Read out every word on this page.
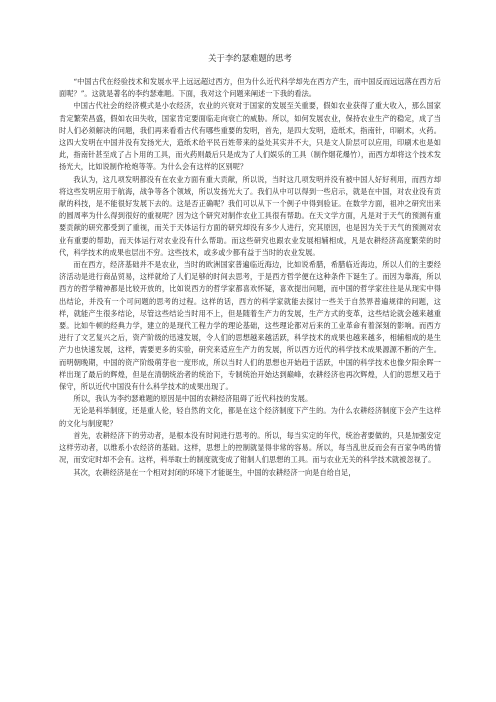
关于李约瑟难题的思考

“中国古代在经验技术和发展水平上远远超过西方，但为什么近代科学却先在西方产生，而中国反而远远落在西方后面呢？”。这就是著名的李约瑟难题。下面，我对这个问题来阐述一下我的看法。

中国古代社会的经济模式是小农经济，农业的兴衰对于国家的发展至关重要，假如农业获得了重大收入，那么国家肯定繁荣昌盛，假如农田失收，国家肯定要面临走向衰亡的威胁。所以，如何发展农业，保持农业生产的稳定，成了当时人们必须解决的问题，我们再来看看古代有哪些重要的发明，首先，是四大发明，造纸术，指南针，印刷术，火药。这四大发明在中国并没有发扬光大，造纸术给平民百姓带来的益处其实并不大，只是文人阶层可以应用，印刷术也是如此，指南针甚至成了占卜用的工具，而火药则最后只是成为了人们娱乐的工具（制作烟花爆竹），而西方却将这个技术发扬光大，比如说制作枪炮等等。为什么会有这样的区别呢？

我认为，这几项发明都没有在农业方面有重大贡献，所以说，当时这几项发明并没有被中国人好好利用，而西方却将这些发明应用于航海，战争等各个领域，所以发扬光大了。我们从中可以得到一些启示，就是在中国，对农业没有贡献的科技，是不能很好发展下去的。这是否正确呢？我们可以从下一个例子中得到验证。在数学方面，祖冲之研究出来的圆周率为什么得到很好的重视呢？因为这个研究对制作农业工具很有帮助。在天文学方面，凡是对于天气的预测有重要贡献的研究都受到了重视，而关于天体运行方面的研究却没有多少人进行，究其原因，也是因为关于天气的预测对农业有重要的帮助，而天体运行对农业没有什么帮助。而这些研究也跟农业发展相辅相成，凡是农耕经济高度繁荣的时代，科学技术的成果也层出不穷。这些技术，或多或少都有益于当时的农业发展。

而在西方，经济基础并不是农业，当时的欧洲国家普遍临近海边，比如说希腊，希腊临近海边，所以人们的主要经济活动是进行商品贸易，这样就给了人们足够的时间去思考，于是西方哲学便在这种条件下诞生了。而因为靠海，所以西方的哲学精神都是比较开放的，比如说西方的哲学家都喜欢怀疑，喜欢提出问题，而中国的哲学家往往是从现实中得出结论，并没有一个可问题的思考的过程。这样的话，西方的科学家就能去探讨一些关于自然界普遍规律的问题，这样，就能产生很多结论，尽管这些结论当时用不上，但是随着生产力的发展，生产方式的变革，这些结论就会越来越重要。比如牛顿的经典力学，建立的是现代工程力学的理论基础，这些理论都对后来的工业革命有着深刻的影响。而西方进行了文艺复兴之后，资产阶级的迅速发展，令人们的思想越来越活跃，科学技术的成果也越来越多，相辅相成的是生产力也快速发展，这样，需要更多的实验，研究来适应生产力的发展，所以西方近代的科学技术成果源源不断的产生。而明朝晚期，中国的资产阶级萌芽也一度形成，所以当时人们的思想也开始趋于活跃，中国的科学技术也像夕阳余晖一样出现了最后的辉煌，但是在清朝统治者的统治下，专制统治开始达到巅峰，农耕经济也再次辉煌，人们的思想又趋于保守，所以近代中国没有什么科学技术的成果出现了。

所以，我认为李约瑟难题的原因是中国的农耕经济阻碍了近代科技的发展。

无论是科举制度，还是重人伦，轻自然的文化，都是在这个经济制度下产生的。为什么农耕经济制度下会产生这样的文化与制度呢？

首先，农耕经济下的劳动者，是根本没有时间进行思考的。所以，每当实定的年代，统治者要做的，只是加强安定这样劳动者，以维系小农经济的基础。这样，思想上的控制就显得非常的容易。所以，每当乱世反而会有百家争鸣的情况，而安定时却不会有。这样，科举取士的制度就变成了钳制人们思想的工具。而与农业无关的科学技术就被忽视了。

其次，农耕经济是在一个相对封闭的环境下才能诞生，中国的农耕经济一向是自给自足，
